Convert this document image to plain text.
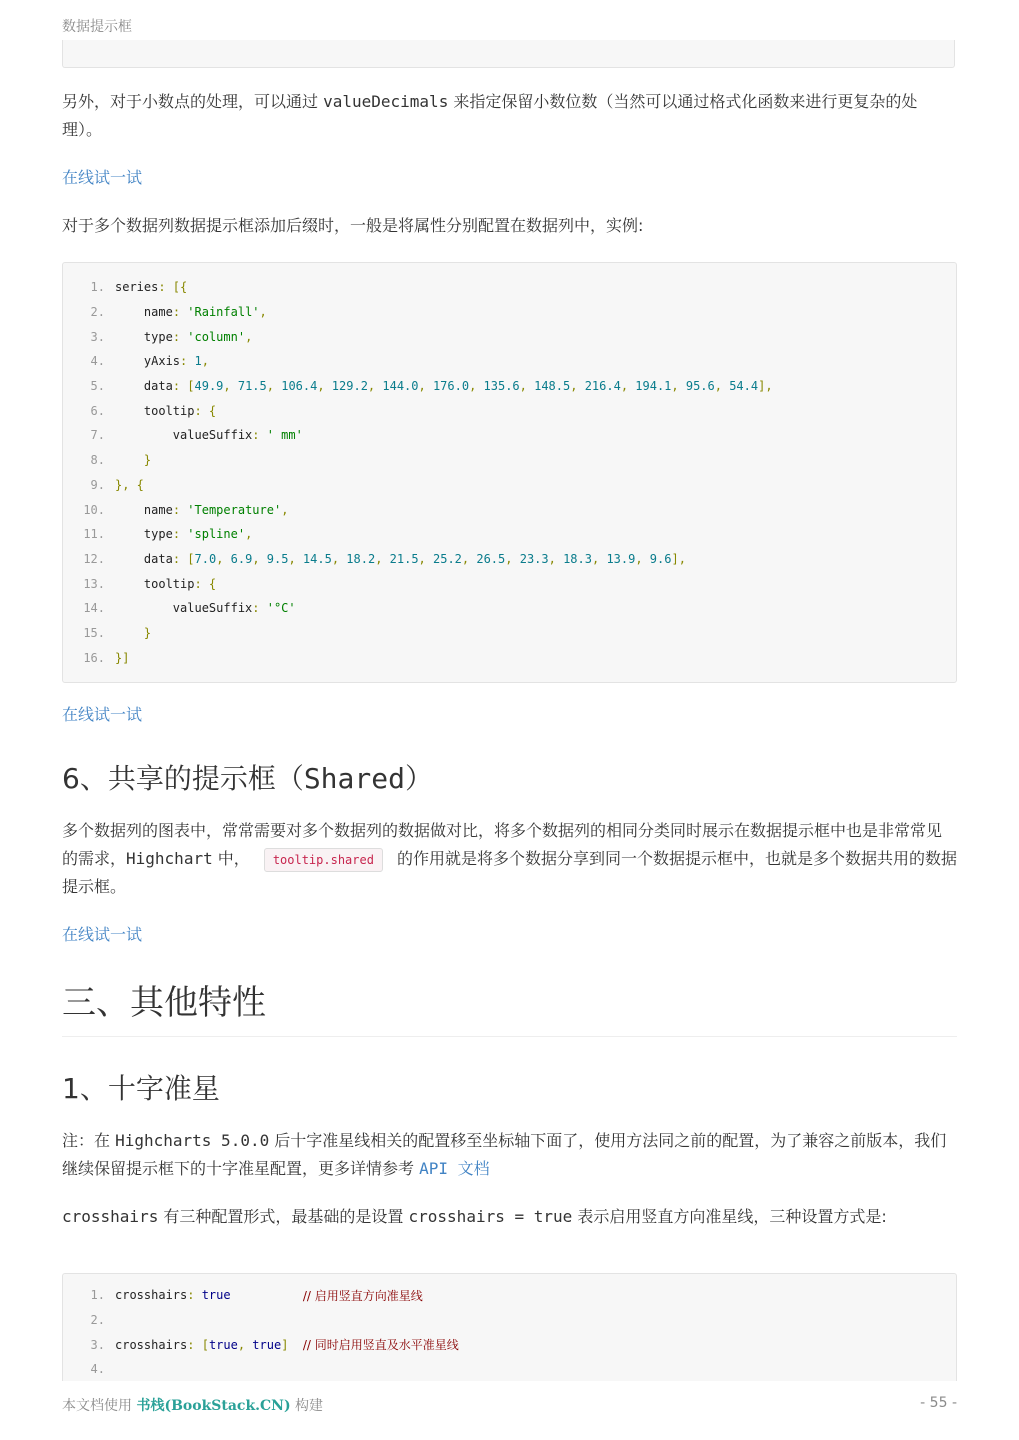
数据提示框

另外，对于小数点的处理，可以通过 valueDecimals 来指定保留小数位数（当然可以通过格式化函数来进行更复杂的处理）。

在线试一试

对于多个数据列数据提示框添加后缀时，一般是将属性分别配置在数据列中，实例:

1. series : [{
2.
	name : 'Rainfall' ,
3.
	type : 'column' ,
4.
	yAxis : 1 ,
5.
	data : [ 49.9, 71.5, 106.4, 129.2, 144.0, 176.0, 135.6, 148.5, 216.4, 194.1, 95.6, 54.4 ],
6.
	tooltip : {
7.
	valueSuffix : ' mm'
8.
	}
9. }, {
10.
	name : 'Temperature' ,
11.
	type : 'spline' ,
12.
	data : [ 7.0, 6.9, 9.5, 14.5, 18.2, 21.5, 25.2, 26.5, 23.3, 18.3, 13.9, 9.6 ],
13.
	tooltip : {
14.
	valueSuffix : '°C'
15.
	}
16. }]
在线试一试
6、共享的提示框（Shared）

多个数据列的图表中，常常需要对多个数据列的数据做对比，将多个数据列的相同分类同时展示在数据提示框中也是非常常见的需求，Highchart 中， tooltip.shared 的作用就是将多个数据分享到同一个数据提示框中，也就是多个数据共用的数据提示框。

在线试一试
三、其他特性
1、十字准星

注：在 Highcharts 5.0.0 后十字准星线相关的配置移至坐标轴下面了，使用方法同之前的配置，为了兼容之前版本，我们继续保留提示框下的十字准星配置，更多详情参考 API 文档

crosshairs 有三种配置形式，最基础的是设置 crosshairs = true 表示启用竖直方向准星线，三种设置方式是:

1. crosshairs : true
	// 启用竖直方向准星线
2.
3. crosshairs : [ true , true ]
// 同时启用竖直及水平准星线
4.
本文档使用 书栈(BookStack.CN) 构建	- 55 -
